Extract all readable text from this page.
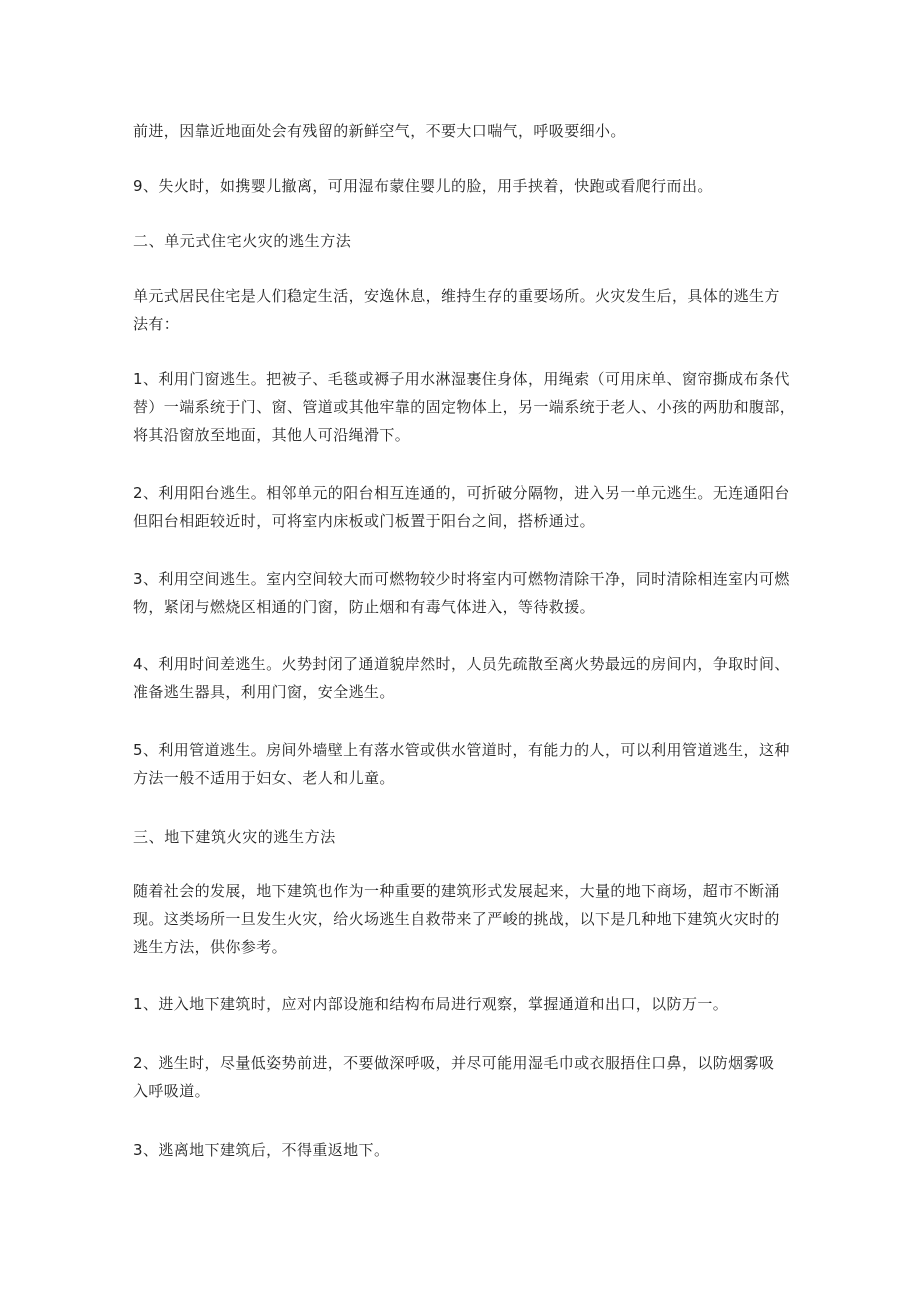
前进，因靠近地面处会有残留的新鲜空气，不要大口喘气，呼吸要细小。

9、失火时，如携婴儿撤离，可用湿布蒙住婴儿的脸，用手挟着，快跑或看爬行而出。

二、单元式住宅火灾的逃生方法

单元式居民住宅是人们稳定生活，安逸休息，维持生存的重要场所。火灾发生后，具体的逃生方
法有：

1、利用门窗逃生。把被子、毛毯或褥子用水淋湿裹住身体，用绳索（可用床单、窗帘撕成布条代
替）一端系统于门、窗、管道或其他牢靠的固定物体上，另一端系统于老人、小孩的两肋和腹部，
将其沿窗放至地面，其他人可沿绳滑下。

2、利用阳台逃生。相邻单元的阳台相互连通的，可折破分隔物，进入另一单元逃生。无连通阳台
但阳台相距较近时，可将室内床板或门板置于阳台之间，搭桥通过。

3、利用空间逃生。室内空间较大而可燃物较少时将室内可燃物清除干净，同时清除相连室内可燃
物，紧闭与燃烧区相通的门窗，防止烟和有毒气体进入，等待救援。

4、利用时间差逃生。火势封闭了通道貌岸然时，人员先疏散至离火势最远的房间内，争取时间、
准备逃生器具，利用门窗，安全逃生。

5、利用管道逃生。房间外墙壁上有落水管或供水管道时，有能力的人，可以利用管道逃生，这种
方法一般不适用于妇女、老人和儿童。

三、地下建筑火灾的逃生方法

随着社会的发展，地下建筑也作为一种重要的建筑形式发展起来，大量的地下商场，超市不断涌
现。这类场所一旦发生火灾，给火场逃生自救带来了严峻的挑战，以下是几种地下建筑火灾时的
逃生方法，供你参考。

1、进入地下建筑时，应对内部设施和结构布局进行观察，掌握通道和出口，以防万一。

2、逃生时，尽量低姿势前进，不要做深呼吸，并尽可能用湿毛巾或衣服捂住口鼻，以防烟雾吸
入呼吸道。

3、逃离地下建筑后，不得重返地下。
